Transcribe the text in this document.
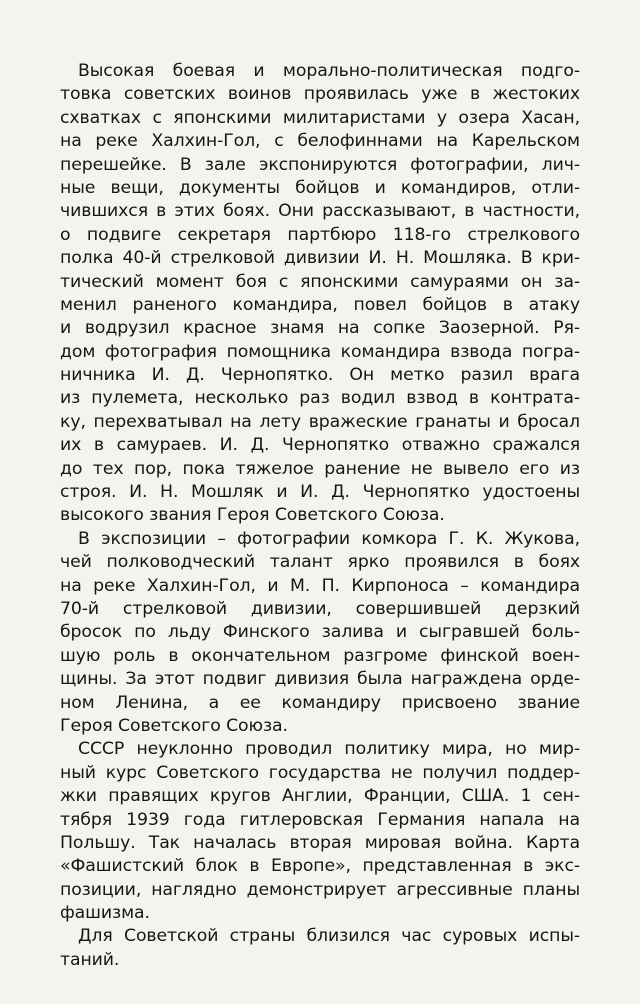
Высокая боевая и морально-политическая подго-
товка советских воинов проявилась уже в жестоких
схватках с японскими милитаристами у озера Хасан,
на реке Халхин-Гол, с белофиннами на Карельском
перешейке. В зале экспонируются фотографии, лич-
ные вещи, документы бойцов и командиров, отли-
чившихся в этих боях. Они рассказывают, в частности,
о подвиге секретаря партбюро 118-го стрелкового
полка 40-й стрелковой дивизии И. Н. Мошляка. В кри-
тический момент боя с японскими самураями он за-
менил раненого командира, повел бойцов в атаку
и водрузил красное знамя на сопке Заозерной. Ря-
дом фотография помощника командира взвода погра-
ничника И. Д. Чернопятко. Он метко разил врага
из пулемета, несколько раз водил взвод в контрата-
ку, перехватывал на лету вражеские гранаты и бросал
их в самураев. И. Д. Чернопятко отважно сражался
до тех пор, пока тяжелое ранение не вывело его из
строя. И. Н. Мошляк и И. Д. Чернопятко удостоены
высокого звания Героя Советского Союза.
В экспозиции – фотографии комкора Г. К. Жукова,
чей полководческий талант ярко проявился в боях
на реке Халхин-Гол, и М. П. Кирпоноса – командира
70-й стрелковой дивизии, совершившей дерзкий
бросок по льду Финского залива и сыгравшей боль-
шую роль в окончательном разгроме финской воен-
щины. За этот подвиг дивизия была награждена орде-
ном Ленина, а ее командиру присвоено звание
Героя Советского Союза.
СССР неуклонно проводил политику мира, но мир-
ный курс Советского государства не получил поддер-
жки правящих кругов Англии, Франции, США. 1 сен-
тября 1939 года гитлеровская Германия напала на
Польшу. Так началась вторая мировая война. Карта
«Фашистский блок в Европе», представленная в экс-
позиции, наглядно демонстрирует агрессивные планы
фашизма.
Для Советской страны близился час суровых испы-
таний.
